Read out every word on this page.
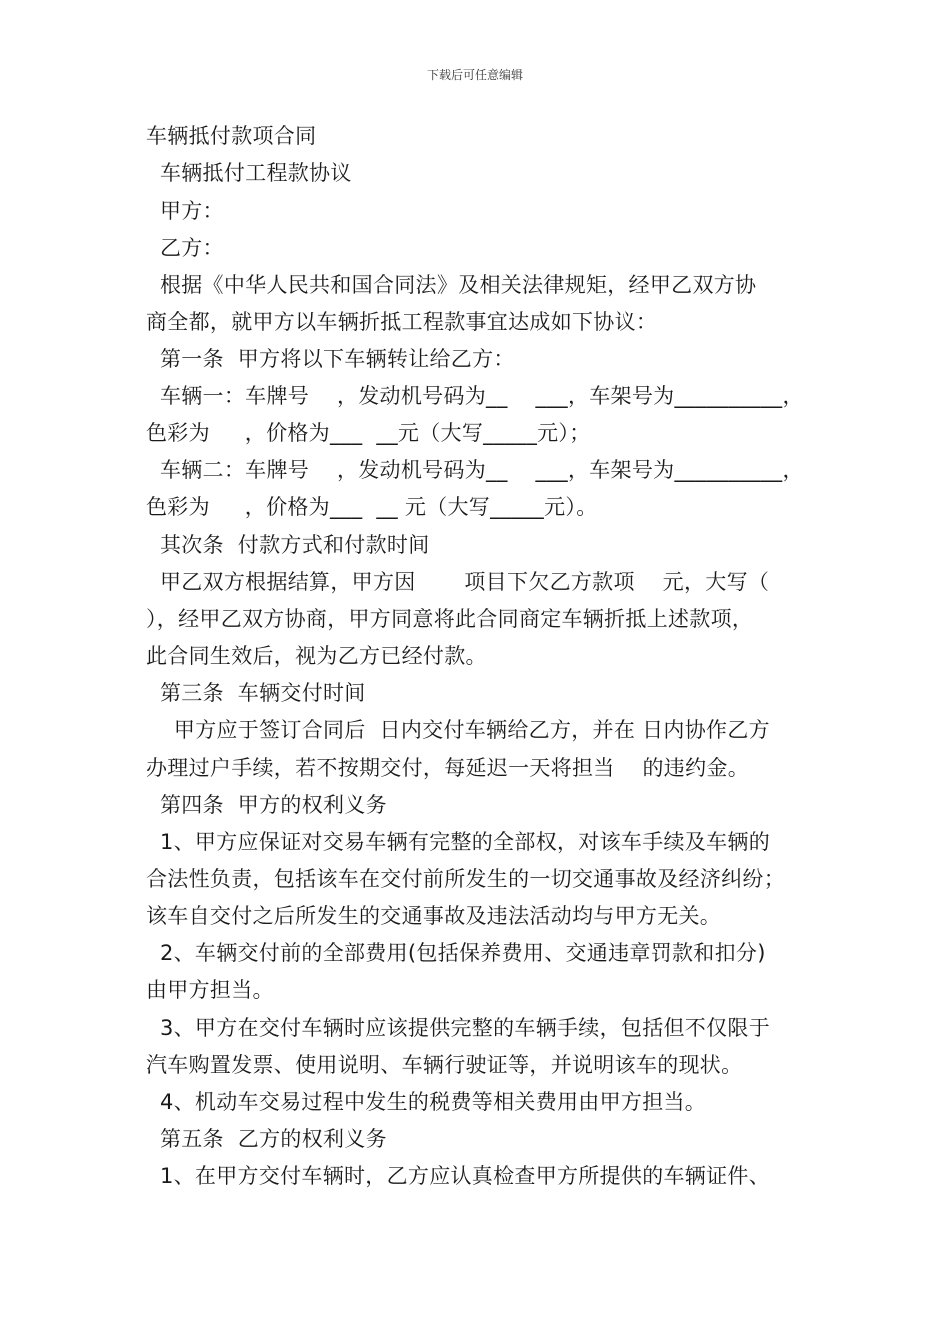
下载后可任意编辑
车辆抵付款项合同
车辆抵付工程款协议
甲方：
乙方：
根据《中华人民共和国合同法》及相关法律规矩，经甲乙双方协
商全都，就甲方以车辆折抵工程款事宜达成如下协议：
第一条  甲方将以下车辆转让给乙方：
车辆一：车牌号    ，发动机号码为__    ___，车架号为__________，
色彩为     ，价格为___  __元（大写_____元）；
车辆二：车牌号    ，发动机号码为__    ___，车架号为__________，
色彩为     ，价格为___  __ 元（大写_____元）。
其次条  付款方式和付款时间
甲乙双方根据结算，甲方因       项目下欠乙方款项    元，大写（
），经甲乙双方协商，甲方同意将此合同商定车辆折抵上述款项，
此合同生效后，视为乙方已经付款。
第三条  车辆交付时间
甲方应于签订合同后  日内交付车辆给乙方，并在 日内协作乙方
办理过户手续，若不按期交付，每延迟一天将担当    的违约金。
第四条  甲方的权利义务
1、甲方应保证对交易车辆有完整的全部权，对该车手续及车辆的
合法性负责，包括该车在交付前所发生的一切交通事故及经济纠纷；
该车自交付之后所发生的交通事故及违法活动均与甲方无关。
2、车辆交付前的全部费用(包括保养费用、交通违章罚款和扣分)
由甲方担当。
3、甲方在交付车辆时应该提供完整的车辆手续，包括但不仅限于
汽车购置发票、使用说明、车辆行驶证等，并说明该车的现状。
4、机动车交易过程中发生的税费等相关费用由甲方担当。
第五条  乙方的权利义务
1、在甲方交付车辆时，乙方应认真检查甲方所提供的车辆证件、
